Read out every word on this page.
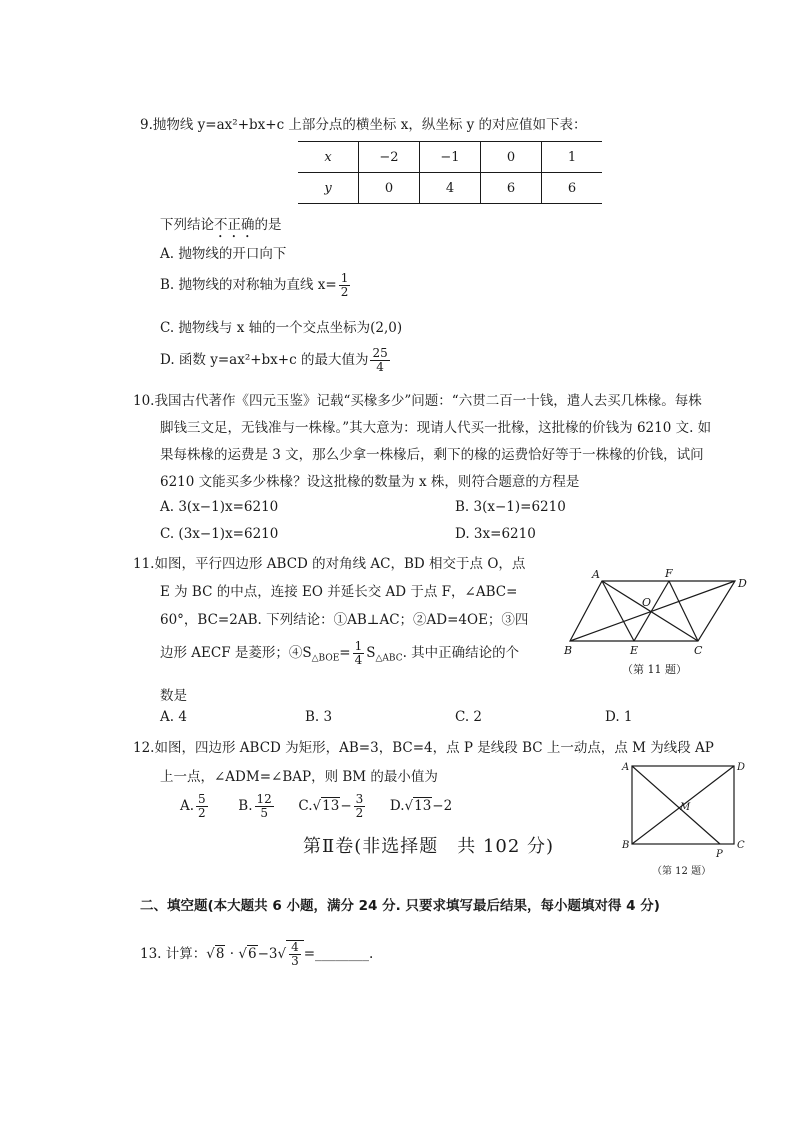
9.抛物线 y=ax²+bx+c 上部分点的横坐标 x，纵坐标 y 的对应值如下表：
x	−2	−1	0	1
y	0	4	6	6
下列结论不正确的是
A. 抛物线的开口向下
B. 抛物线的对称轴为直线 $x= \frac{1}{2}$
C. 抛物线与 x 轴的一个交点坐标为(2,0)
D. 函数 y=ax²+bx+c 的最大值为 $\frac{25}{4}$
10.我国古代著作《四元玉鉴》记载“买椽多少”问题：“六贯二百一十钱，遣人去买几株椽。每株
脚钱三文足，无钱准与一株椽。”其大意为：现请人代买一批椽，这批椽的价钱为 6210 文. 如
果每株椽的运费是 3 文，那么少拿一株椽后，剩下的椽的运费恰好等于一株椽的价钱，试问
6210 文能买多少株椽？设这批椽的数量为 x 株，则符合题意的方程是
A. 3(x−1)x=6210	B. 3(x−1)=6210
C. (3x−1)x=6210	D. 3x=6210
11.如图，平行四边形 ABCD 的对角线 AC，BD 相交于点 O，点
E 为 BC 的中点，连接 EO 并延长交 AD 于点 F，∠ABC=
60°，BC=2AB. 下列结论：①AB⊥AC；②AD=4OE；③四
边形 AECF 是菱形；$④S_{\triangle BOE}= \frac{1}{4} S_{\triangle ABC}$. 其中正确结论的个
数是
A. 4	B. 3	C. 2	D. 1
A	F
D
O
B	E	C
（第 11 题）
12.如图，四边形 ABCD 为矩形，AB=3，BC=4，点 P 是线段 BC 上一动点，点 M 为线段 AP
上一点，∠ADM=∠BAP，则 BM 的最小值为
A. $\frac{5}{2} B$. $\frac{12}{5} C.√13- \frac{3}{2} D.√13-2$
A	D
M
B
P
C
（第 12 题）
第Ⅱ卷(非选择题　共 102 分)
二、填空题(本大题共 6 小题，满分 24 分. 只要求填写最后结果，每小题填对得 4 分)
13. 计算：$√8 \cdot √6-3√ \frac{4}{3}$ =________.
